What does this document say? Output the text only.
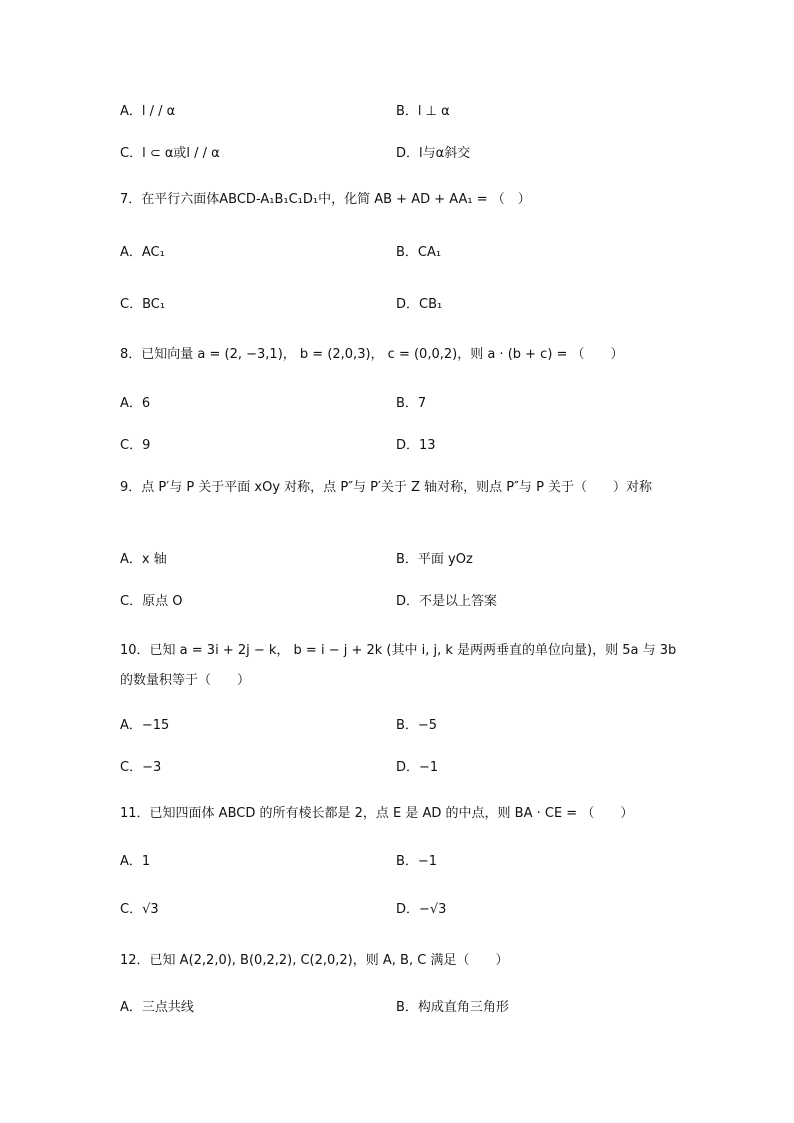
A．l / / α	B．l ⊥ α
C．l ⊂ α或l / / α	D．l与α斜交
7．在平行六面体ABCD-A₁B₁C₁D₁中，化简 AB + AD + AA₁ = （　）
A．AC₁	B．CA₁
C．BC₁	D．CB₁
8．已知向量 a = (2, −3,1)， b = (2,0,3)， c = (0,0,2)，则 a · (b + c) = （　　）
A．6	B．7
C．9	D．13
9．点 P′与 P 关于平面 xOy 对称，点 P″与 P′关于 Z 轴对称，则点 P″与 P 关于（　　）对称
A．x 轴	B．平面 yOz
C．原点 O	D．不是以上答案
10．已知 a = 3i + 2j − k， b = i − j + 2k (其中 i, j, k 是两两垂直的单位向量)，则 5a 与 3b 的数量积等于（　　）
A．−15	B．−5
C．−3	D．−1
11．已知四面体 ABCD 的所有棱长都是 2，点 E 是 AD 的中点，则 BA · CE = （　　）
A．1	B．−1
C．√3	D．−√3
12．已知 A(2,2,0), B(0,2,2), C(2,0,2)，则 A, B, C 满足（　　）
A．三点共线	B．构成直角三角形
